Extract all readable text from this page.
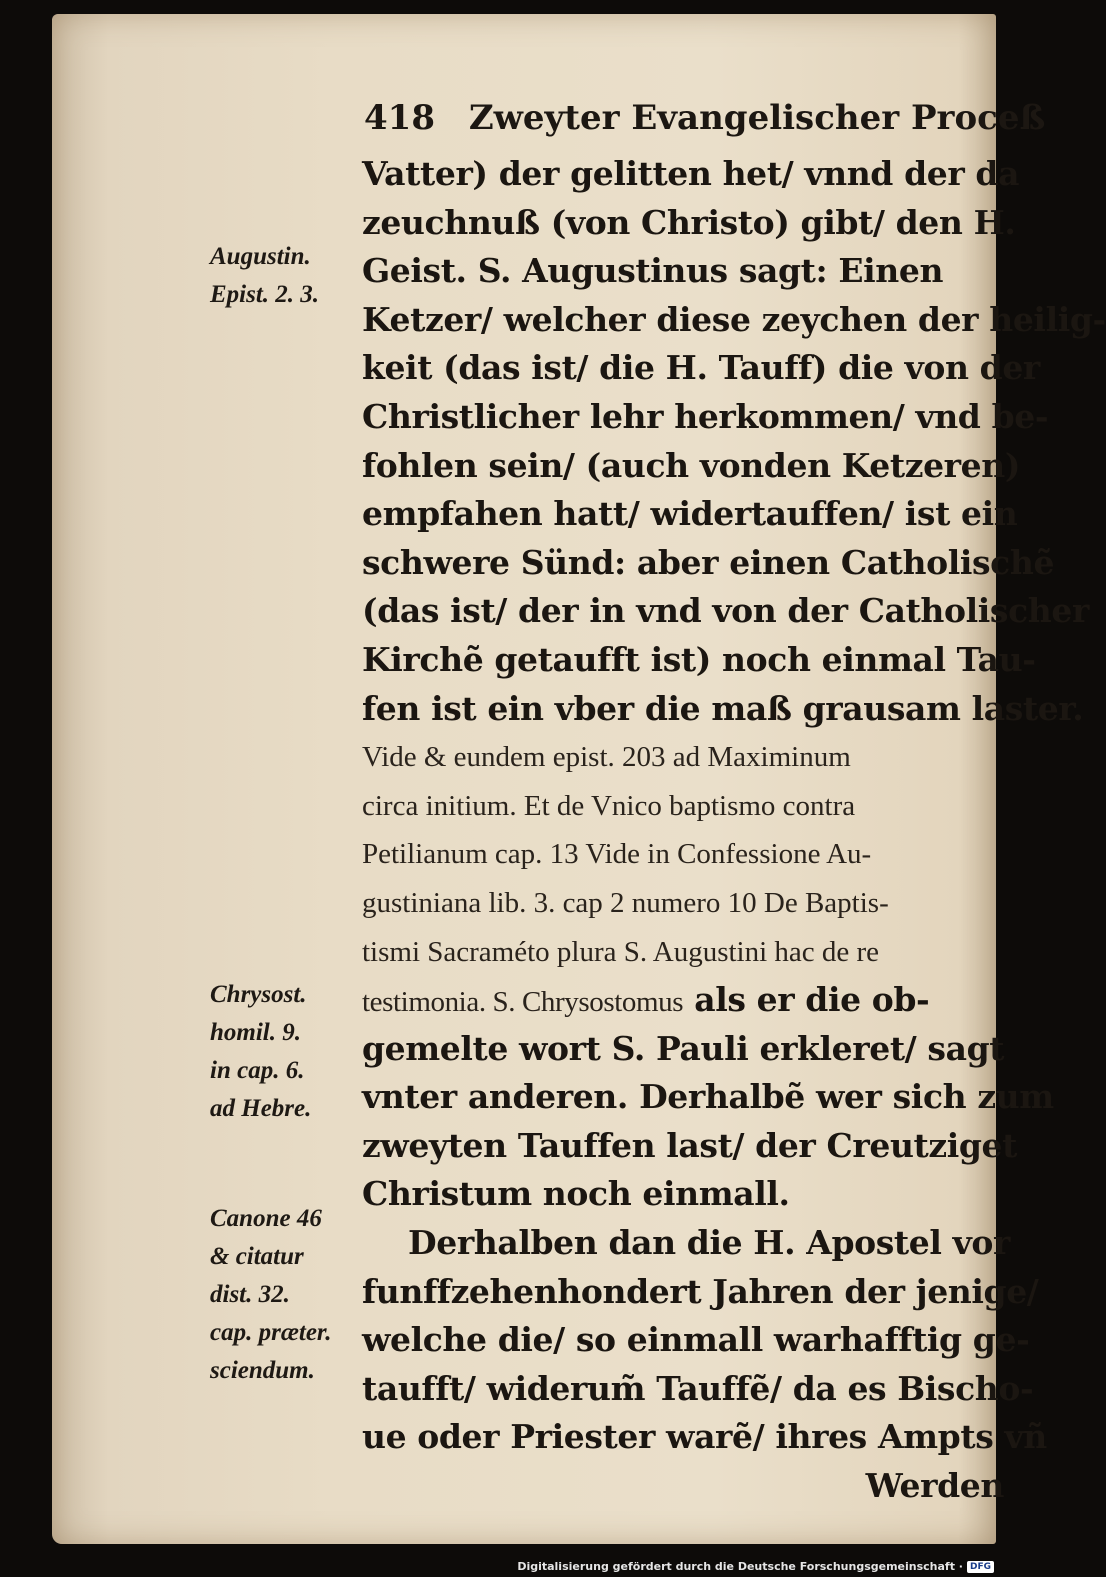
418 Zweyter Evangelischer Proceß
Vatter) der gelitten het/ vnnd der da
zeuchnuß (von Christo) gibt/ den H.
Geist. S. Augustinus sagt: Einen
Ketzer/ welcher diese zeychen der heilig-
keit (das ist/ die H. Tauff) die von der
Christlicher lehr herkommen/ vnd be-
fohlen sein/ (auch vonden Ketzeren)
empfahen hatt/ widertauffen/ ist ein
schwere Sünd: aber einen Catholischẽ
(das ist/ der in vnd von der Catholischer
Kirchẽ getaufft ist) noch einmal Tau-
fen ist ein vber die maß grausam laster.
Vide & eundem epist. 203 ad Maximinum
circa initium. Et de Vnico baptismo contra
Petilianum cap. 13 Vide in Confessione Au-
gustiniana lib. 3. cap 2 numero 10 De Baptis-
tismi Sacraméto plura S. Augustini hac de re
testimonia. S. Chrysostomus als er die ob-
gemelte wort S. Pauli erkleret/ sagt
vnter anderen. Derhalbẽ wer sich zum
zweyten Tauffen last/ der Creutziget
Christum noch einmall.
Derhalben dan die H. Apostel vor
funffzehenhondert Jahren der jenige/
welche die/ so einmall warhafftig ge-
taufft/ widerum̃ Tauffẽ/ da es Bischo-
ue oder Priester warẽ/ ihres Ampts vñ
Werden
Augustin.
Epist. 2. 3.
Chrysost.
homil. 9.
in cap. 6.
ad Hebre.
Canone 46
& citatur
dist. 32.
cap. præter.
sciendum.
Digitalisierung gefördert durch die Deutsche Forschungsgemeinschaft · DFG
